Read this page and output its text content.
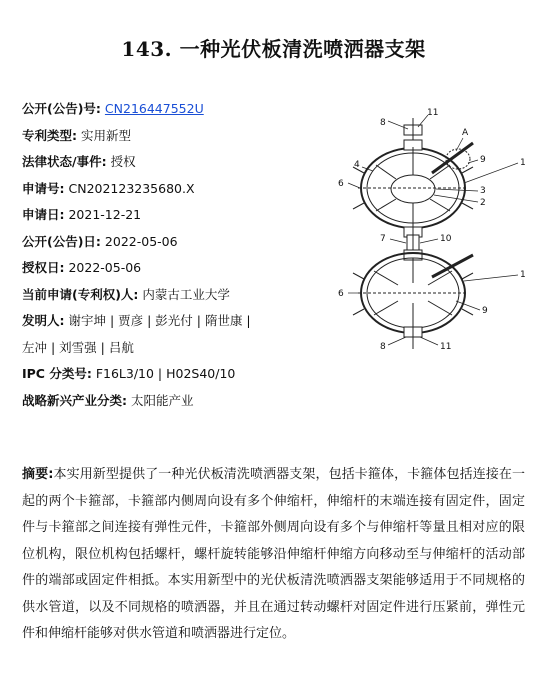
143. 一种光伏板清洗喷洒器支架
公开(公告)号: CN216447552U
专利类型: 实用新型
法律状态/事件: 授权
申请号: CN202123235680.X
申请日: 2021-12-21
公开(公告)日: 2022-05-06
授权日: 2022-05-06
当前申请(专利权)人: 内蒙古工业大学
发明人: 谢宇坤 | 贾彦 | 彭光付 | 隋世康 |
左冲 | 刘雪强 | 吕航
IPC 分类号: F16L3/10 | H02S40/10
战略新兴产业分类: 太阳能产业
8
11
A
4	9	1
6
3
2
7	10
1
6
9
8	11
摘要:本实用新型提供了一种光伏板清洗喷洒器支架，包括卡箍体，卡箍体包括连接在一起的两个卡箍部，卡箍部内侧周向设有多个伸缩杆，伸缩杆的末端连接有固定件，固定件与卡箍部之间连接有弹性元件，卡箍部外侧周向设有多个与伸缩杆等量且相对应的限位机构，限位机构包括螺杆，螺杆旋转能够沿伸缩杆伸缩方向移动至与伸缩杆的活动部件的端部或固定件相抵。本实用新型中的光伏板清洗喷洒器支架能够适用于不同规格的供水管道，以及不同规格的喷洒器，并且在通过转动螺杆对固定件进行压紧前，弹性元件和伸缩杆能够对供水管道和喷洒器进行定位。
